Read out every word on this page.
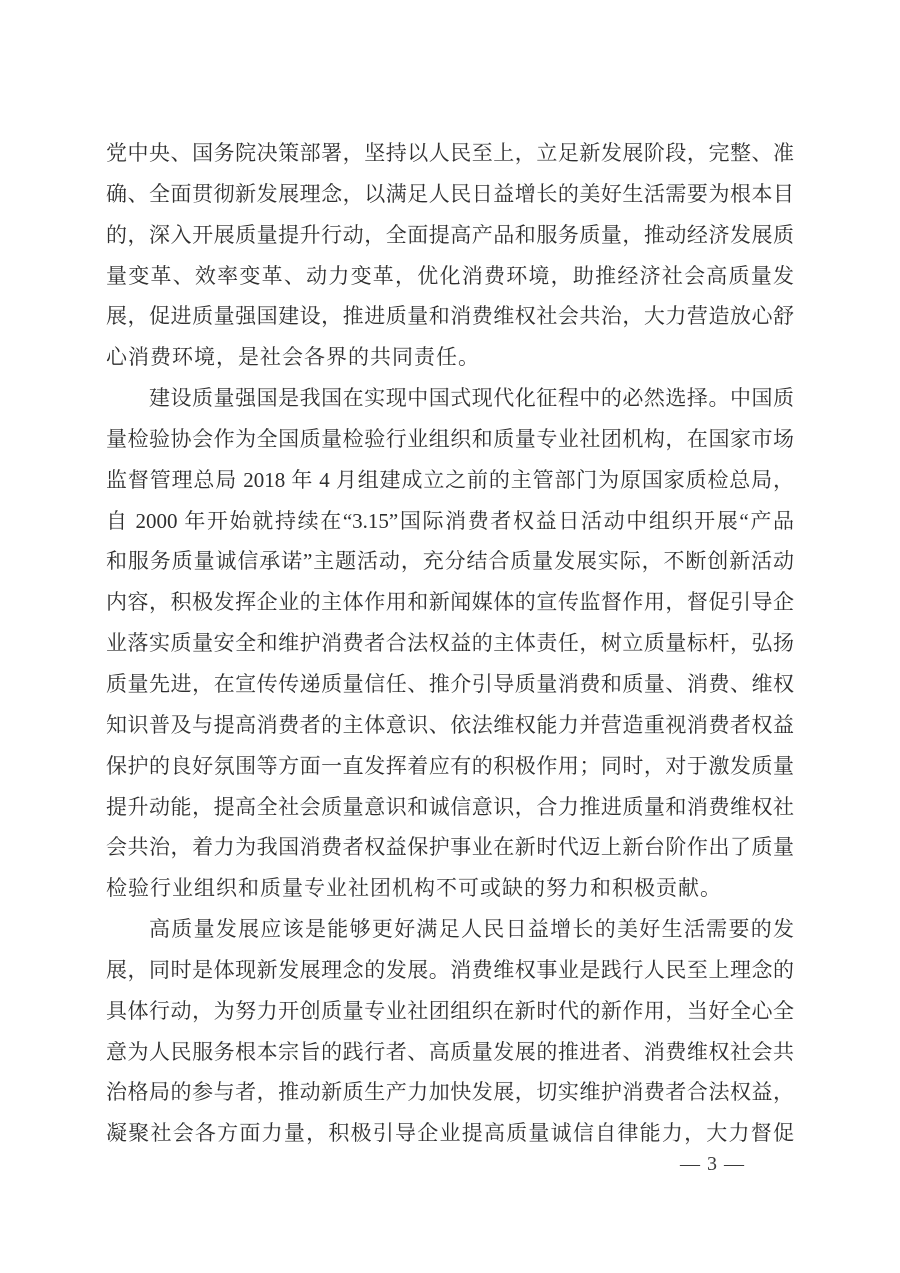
党中央、国务院决策部署，坚持以人民至上，立足新发展阶段，完整、准
确、全面贯彻新发展理念，以满足人民日益增长的美好生活需要为根本目
的，深入开展质量提升行动，全面提高产品和服务质量，推动经济发展质
量变革、效率变革、动力变革，优化消费环境，助推经济社会高质量发
展，促进质量强国建设，推进质量和消费维权社会共治，大力营造放心舒
心消费环境，是社会各界的共同责任。
建设质量强国是我国在实现中国式现代化征程中的必然选择。中国质
量检验协会作为全国质量检验行业组织和质量专业社团机构，在国家市场
监督管理总局 2018 年 4 月组建成立之前的主管部门为原国家质检总局，
自 2000 年开始就持续在“3.15”国际消费者权益日活动中组织开展“产品
和服务质量诚信承诺”主题活动，充分结合质量发展实际，不断创新活动
内容，积极发挥企业的主体作用和新闻媒体的宣传监督作用，督促引导企
业落实质量安全和维护消费者合法权益的主体责任，树立质量标杆，弘扬
质量先进，在宣传传递质量信任、推介引导质量消费和质量、消费、维权
知识普及与提高消费者的主体意识、依法维权能力并营造重视消费者权益
保护的良好氛围等方面一直发挥着应有的积极作用；同时，对于激发质量
提升动能，提高全社会质量意识和诚信意识，合力推进质量和消费维权社
会共治，着力为我国消费者权益保护事业在新时代迈上新台阶作出了质量
检验行业组织和质量专业社团机构不可或缺的努力和积极贡献。
高质量发展应该是能够更好满足人民日益增长的美好生活需要的发
展，同时是体现新发展理念的发展。消费维权事业是践行人民至上理念的
具体行动，为努力开创质量专业社团组织在新时代的新作用，当好全心全
意为人民服务根本宗旨的践行者、高质量发展的推进者、消费维权社会共
治格局的参与者，推动新质生产力加快发展，切实维护消费者合法权益，
凝聚社会各方面力量，积极引导企业提高质量诚信自律能力，大力督促
— 3 —
